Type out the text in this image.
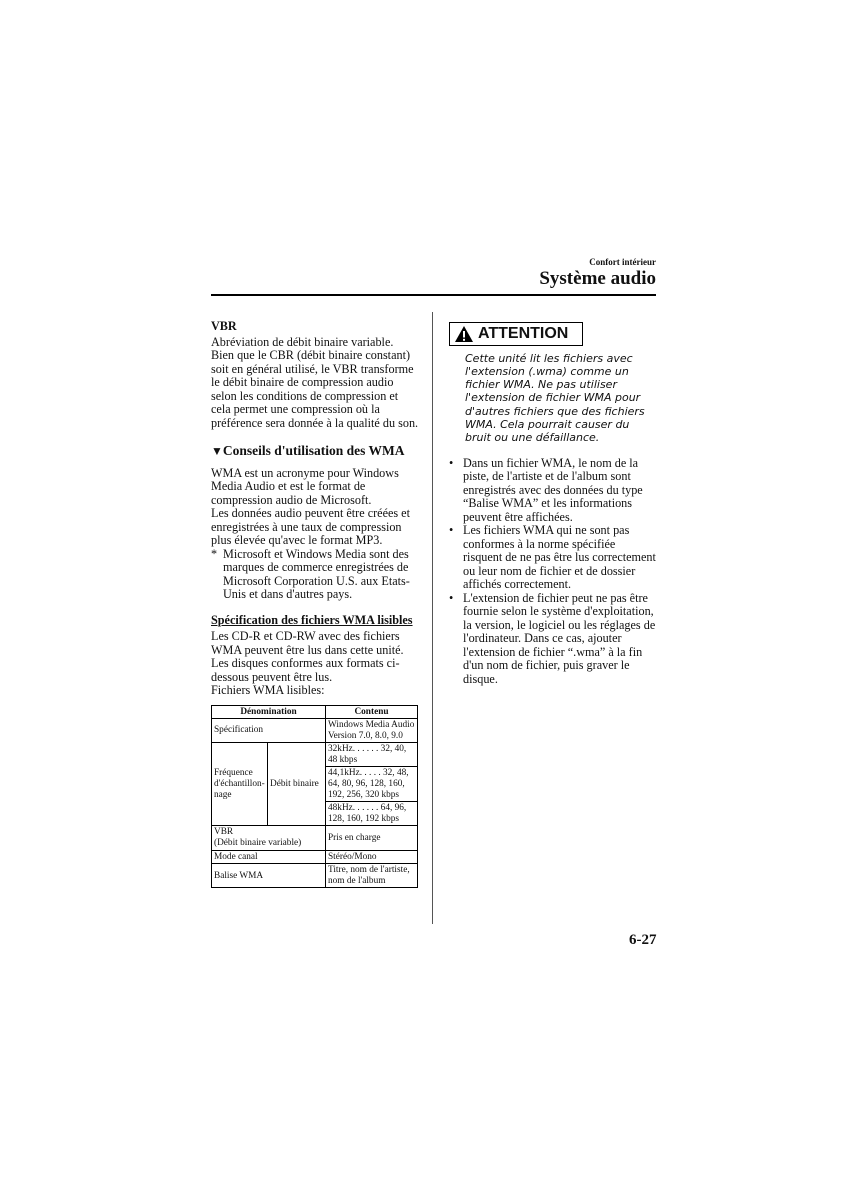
Confort intérieur
Système audio

VBR

Abréviation de débit binaire variable. Bien que le CBR (débit binaire constant) soit en général utilisé, le VBR transforme le débit binaire de compression audio selon les conditions de compression et cela permet une compression où la préférence sera donnée à la qualité du son.

▼Conseils d'utilisation des WMA

WMA est un acronyme pour Windows Media Audio et est le format de compression audio de Microsoft.

Les données audio peuvent être créées et enregistrées à une taux de compression plus élevée qu'avec le format MP3.

* Microsoft et Windows Media sont des marques de commerce enregistrées de Microsoft Corporation U.S. aux Etats-Unis et dans d'autres pays.

Spécification des fichiers WMA lisibles

Les CD-R et CD-RW avec des fichiers WMA peuvent être lus dans cette unité.

Les disques conformes aux formats ci-dessous peuvent être lus.

Fichiers WMA lisibles:

Dénomination		Contenu
Spécification		Windows Media Audio Version 7.0, 8.0, 9.0
Fréquence d'échantillon-nage	Débit binaire	32kHz. . . . . . 32, 40, 48 kbps
		44,1kHz. . . . . 32, 48, 64, 80, 96, 128, 160, 192, 256, 320 kbps
		48kHz. . . . . . 64, 96, 128, 160, 192 kbps
VBR
(Débit binaire variable)		Pris en charge
Mode canal		Stéréo/Mono
Balise WMA		Titre, nom de l'artiste, nom de l'album
ATTENTION
Cette unité lit les fichiers avec l'extension (.wma) comme un fichier WMA. Ne pas utiliser l'extension de fichier WMA pour d'autres fichiers que des fichiers WMA. Cela pourrait causer du bruit ou une défaillance.
• Dans un fichier WMA, le nom de la piste, de l'artiste et de l'album sont enregistrés avec des données du type “Balise WMA” et les informations peuvent être affichées.
• Les fichiers WMA qui ne sont pas conformes à la norme spécifiée risquent de ne pas être lus correctement ou leur nom de fichier et de dossier affichés correctement.
• L'extension de fichier peut ne pas être fournie selon le système d'exploitation, la version, le logiciel ou les réglages de l'ordinateur. Dans ce cas, ajouter l'extension de fichier “.wma” à la fin d'un nom de fichier, puis graver le disque.
6-27
